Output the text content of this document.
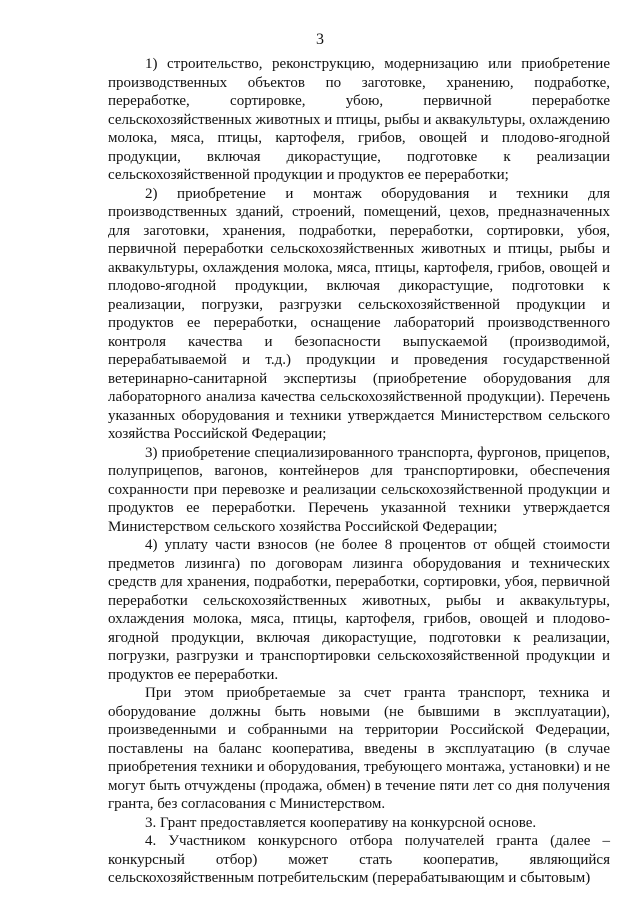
3

1) строительство, реконструкцию, модернизацию или приобретение производственных объектов по заготовке, хранению, подработке, переработке, сортировке, убою, первичной переработке сельскохозяйственных животных и птицы, рыбы и аквакультуры, охлаждению молока, мяса, птицы, картофеля, грибов, овощей и плодово-ягодной продукции, включая дикорастущие, подготовке к реализации сельскохозяйственной продукции и продуктов ее переработки;

2) приобретение и монтаж оборудования и техники для производственных зданий, строений, помещений, цехов, предназначенных для заготовки, хранения, подработки, переработки, сортировки, убоя, первичной переработки сельскохозяйственных животных и птицы, рыбы и аквакультуры, охлаждения молока, мяса, птицы, картофеля, грибов, овощей и плодово-ягодной продукции, включая дикорастущие, подготовки к реализации, погрузки, разгрузки сельскохозяйственной продукции и продуктов ее переработки, оснащение лабораторий производственного контроля качества и безопасности выпускаемой (производимой, перерабатываемой и т.д.) продукции и проведения государственной ветеринарно-санитарной экспертизы (приобретение оборудования для лабораторного анализа качества сельскохозяйственной продукции). Перечень указанных оборудования и техники утверждается Министерством сельского хозяйства Российской Федерации;

3) приобретение специализированного транспорта, фургонов, прицепов, полуприцепов, вагонов, контейнеров для транспортировки, обеспечения сохранности при перевозке и реализации сельскохозяйственной продукции и продуктов ее переработки. Перечень указанной техники утверждается Министерством сельского хозяйства Российской Федерации;

4) уплату части взносов (не более 8 процентов от общей стоимости предметов лизинга) по договорам лизинга оборудования и технических средств для хранения, подработки, переработки, сортировки, убоя, первичной переработки сельскохозяйственных животных, рыбы и аквакультуры, охлаждения молока, мяса, птицы, картофеля, грибов, овощей и плодово-ягодной продукции, включая дикорастущие, подготовки к реализации, погрузки, разгрузки и транспортировки сельскохозяйственной продукции и продуктов ее переработки.

При этом приобретаемые за счет гранта транспорт, техника и оборудование должны быть новыми (не бывшими в эксплуатации), произведенными и собранными на территории Российской Федерации, поставлены на баланс кооператива, введены в эксплуатацию (в случае приобретения техники и оборудования, требующего монтажа, установки) и не могут быть отчуждены (продажа, обмен) в течение пяти лет со дня получения гранта, без согласования с Министерством.

3. Грант предоставляется кооперативу на конкурсной основе.

4. Участником конкурсного отбора получателей гранта (далее – конкурсный отбор) может стать кооператив, являющийся сельскохозяйственным потребительским (перерабатывающим и сбытовым)
